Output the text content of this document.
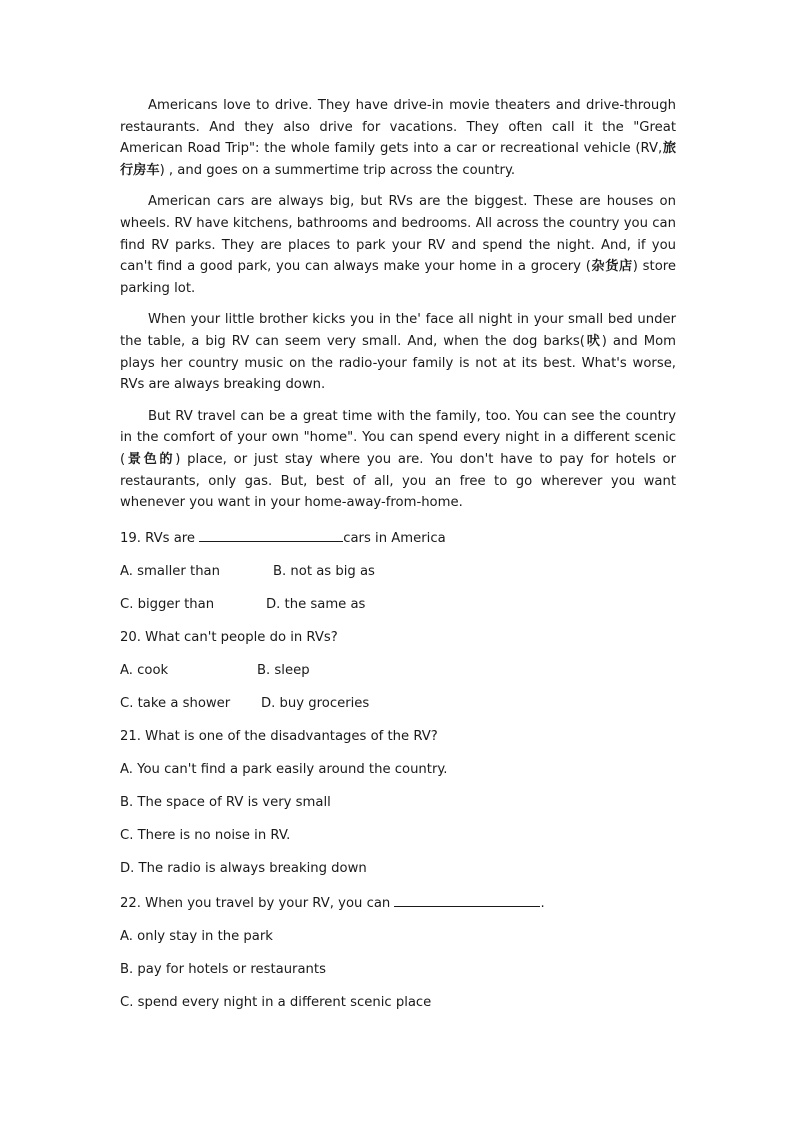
Americans love to drive. They have drive-in movie theaters and drive-through restaurants. And they also drive for vacations. They often call it the "Great American Road Trip": the whole family gets into a car or recreational vehicle (RV,旅行房车) , and goes on a summertime trip across the country.

American cars are always big, but RVs are the biggest. These are houses on wheels. RV have kitchens, bathrooms and bedrooms. All across the country you can find RV parks. They are places to park your RV and spend the night. And, if you can't find a good park, you can always make your home in a grocery (杂货店) store parking lot.

When your little brother kicks you in the' face all night in your small bed under the table, a big RV can seem very small. And, when the dog barks(吠) and Mom plays her country music on the radio-your family is not at its best. What's worse, RVs are always breaking down.

But RV travel can be a great time with the family, too. You can see the country in the comfort of your own "home". You can spend every night in a different scenic (景色的) place, or just stay where you are. You don't have to pay for hotels or restaurants, only gas. But, best of all, you an free to go wherever you want whenever you want in your home-away-from-home.

19. RVs are	cars in America

A. smaller than	B. not as big as

C. bigger than	D. the same as

20. What can't people do in RVs?

A. cook	B. sleep

C. take a shower D. buy groceries

21. What is one of the disadvantages of the RV?

A. You can't find a park easily around the country.

B. The space of RV is very small

C. There is no noise in RV.

D. The radio is always breaking down

22. When you travel by your RV, you can	.

A. only stay in the park

B. pay for hotels or restaurants

C. spend every night in a different scenic place
